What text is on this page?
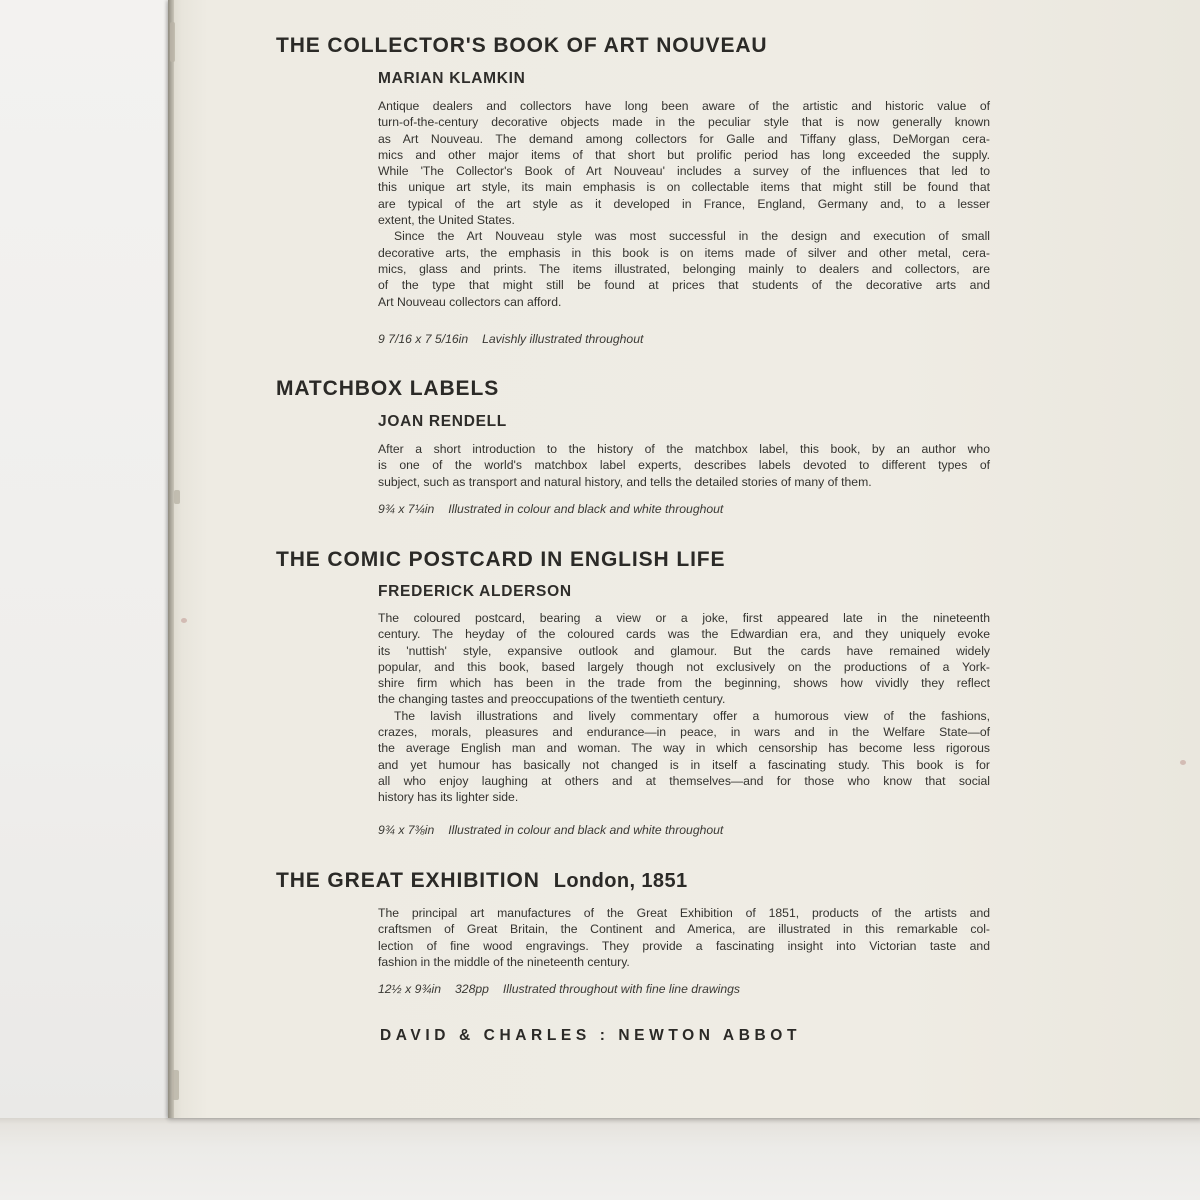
THE COLLECTOR'S BOOK OF ART NOUVEAU
MARIAN KLAMKIN
Antique dealers and collectors have long been aware of the artistic and historic value of
turn-of-the-century decorative objects made in the peculiar style that is now generally known
as Art Nouveau. The demand among collectors for Galle and Tiffany glass, DeMorgan cera-
mics and other major items of that short but prolific period has long exceeded the supply.
While 'The Collector's Book of Art Nouveau' includes a survey of the influences that led to
this unique art style, its main emphasis is on collectable items that might still be found that
are typical of the art style as it developed in France, England, Germany and, to a lesser
extent, the United States.
Since the Art Nouveau style was most successful in the design and execution of small
decorative arts, the emphasis in this book is on items made of silver and other metal, cera-
mics, glass and prints. The items illustrated, belonging mainly to dealers and collectors, are
of the type that might still be found at prices that students of the decorative arts and
Art Nouveau collectors can afford.

9 7/16 x 7 5/16in Lavishly illustrated throughout

MATCHBOX LABELS
JOAN RENDELL
After a short introduction to the history of the matchbox label, this book, by an author who
is one of the world's matchbox label experts, describes labels devoted to different types of
subject, such as transport and natural history, and tells the detailed stories of many of them.

9¾ x 7¼in Illustrated in colour and black and white throughout

THE COMIC POSTCARD IN ENGLISH LIFE
FREDERICK ALDERSON
The coloured postcard, bearing a view or a joke, first appeared late in the nineteenth
century. The heyday of the coloured cards was the Edwardian era, and they uniquely evoke
its 'nuttish' style, expansive outlook and glamour. But the cards have remained widely
popular, and this book, based largely though not exclusively on the productions of a York-
shire firm which has been in the trade from the beginning, shows how vividly they reflect
the changing tastes and preoccupations of the twentieth century.
The lavish illustrations and lively commentary offer a humorous view of the fashions,
crazes, morals, pleasures and endurance—in peace, in wars and in the Welfare State—of
the average English man and woman. The way in which censorship has become less rigorous
and yet humour has basically not changed is in itself a fascinating study. This book is for
all who enjoy laughing at others and at themselves—and for those who know that social
history has its lighter side.

9¾ x 7⅜in Illustrated in colour and black and white throughout

THE GREAT EXHIBITION London, 1851
The principal art manufactures of the Great Exhibition of 1851, products of the artists and
craftsmen of Great Britain, the Continent and America, are illustrated in this remarkable col-
lection of fine wood engravings. They provide a fascinating insight into Victorian taste and
fashion in the middle of the nineteenth century.

12½ x 9¾in 328pp Illustrated throughout with fine line drawings

DAVID & CHARLES : NEWTON ABBOT
